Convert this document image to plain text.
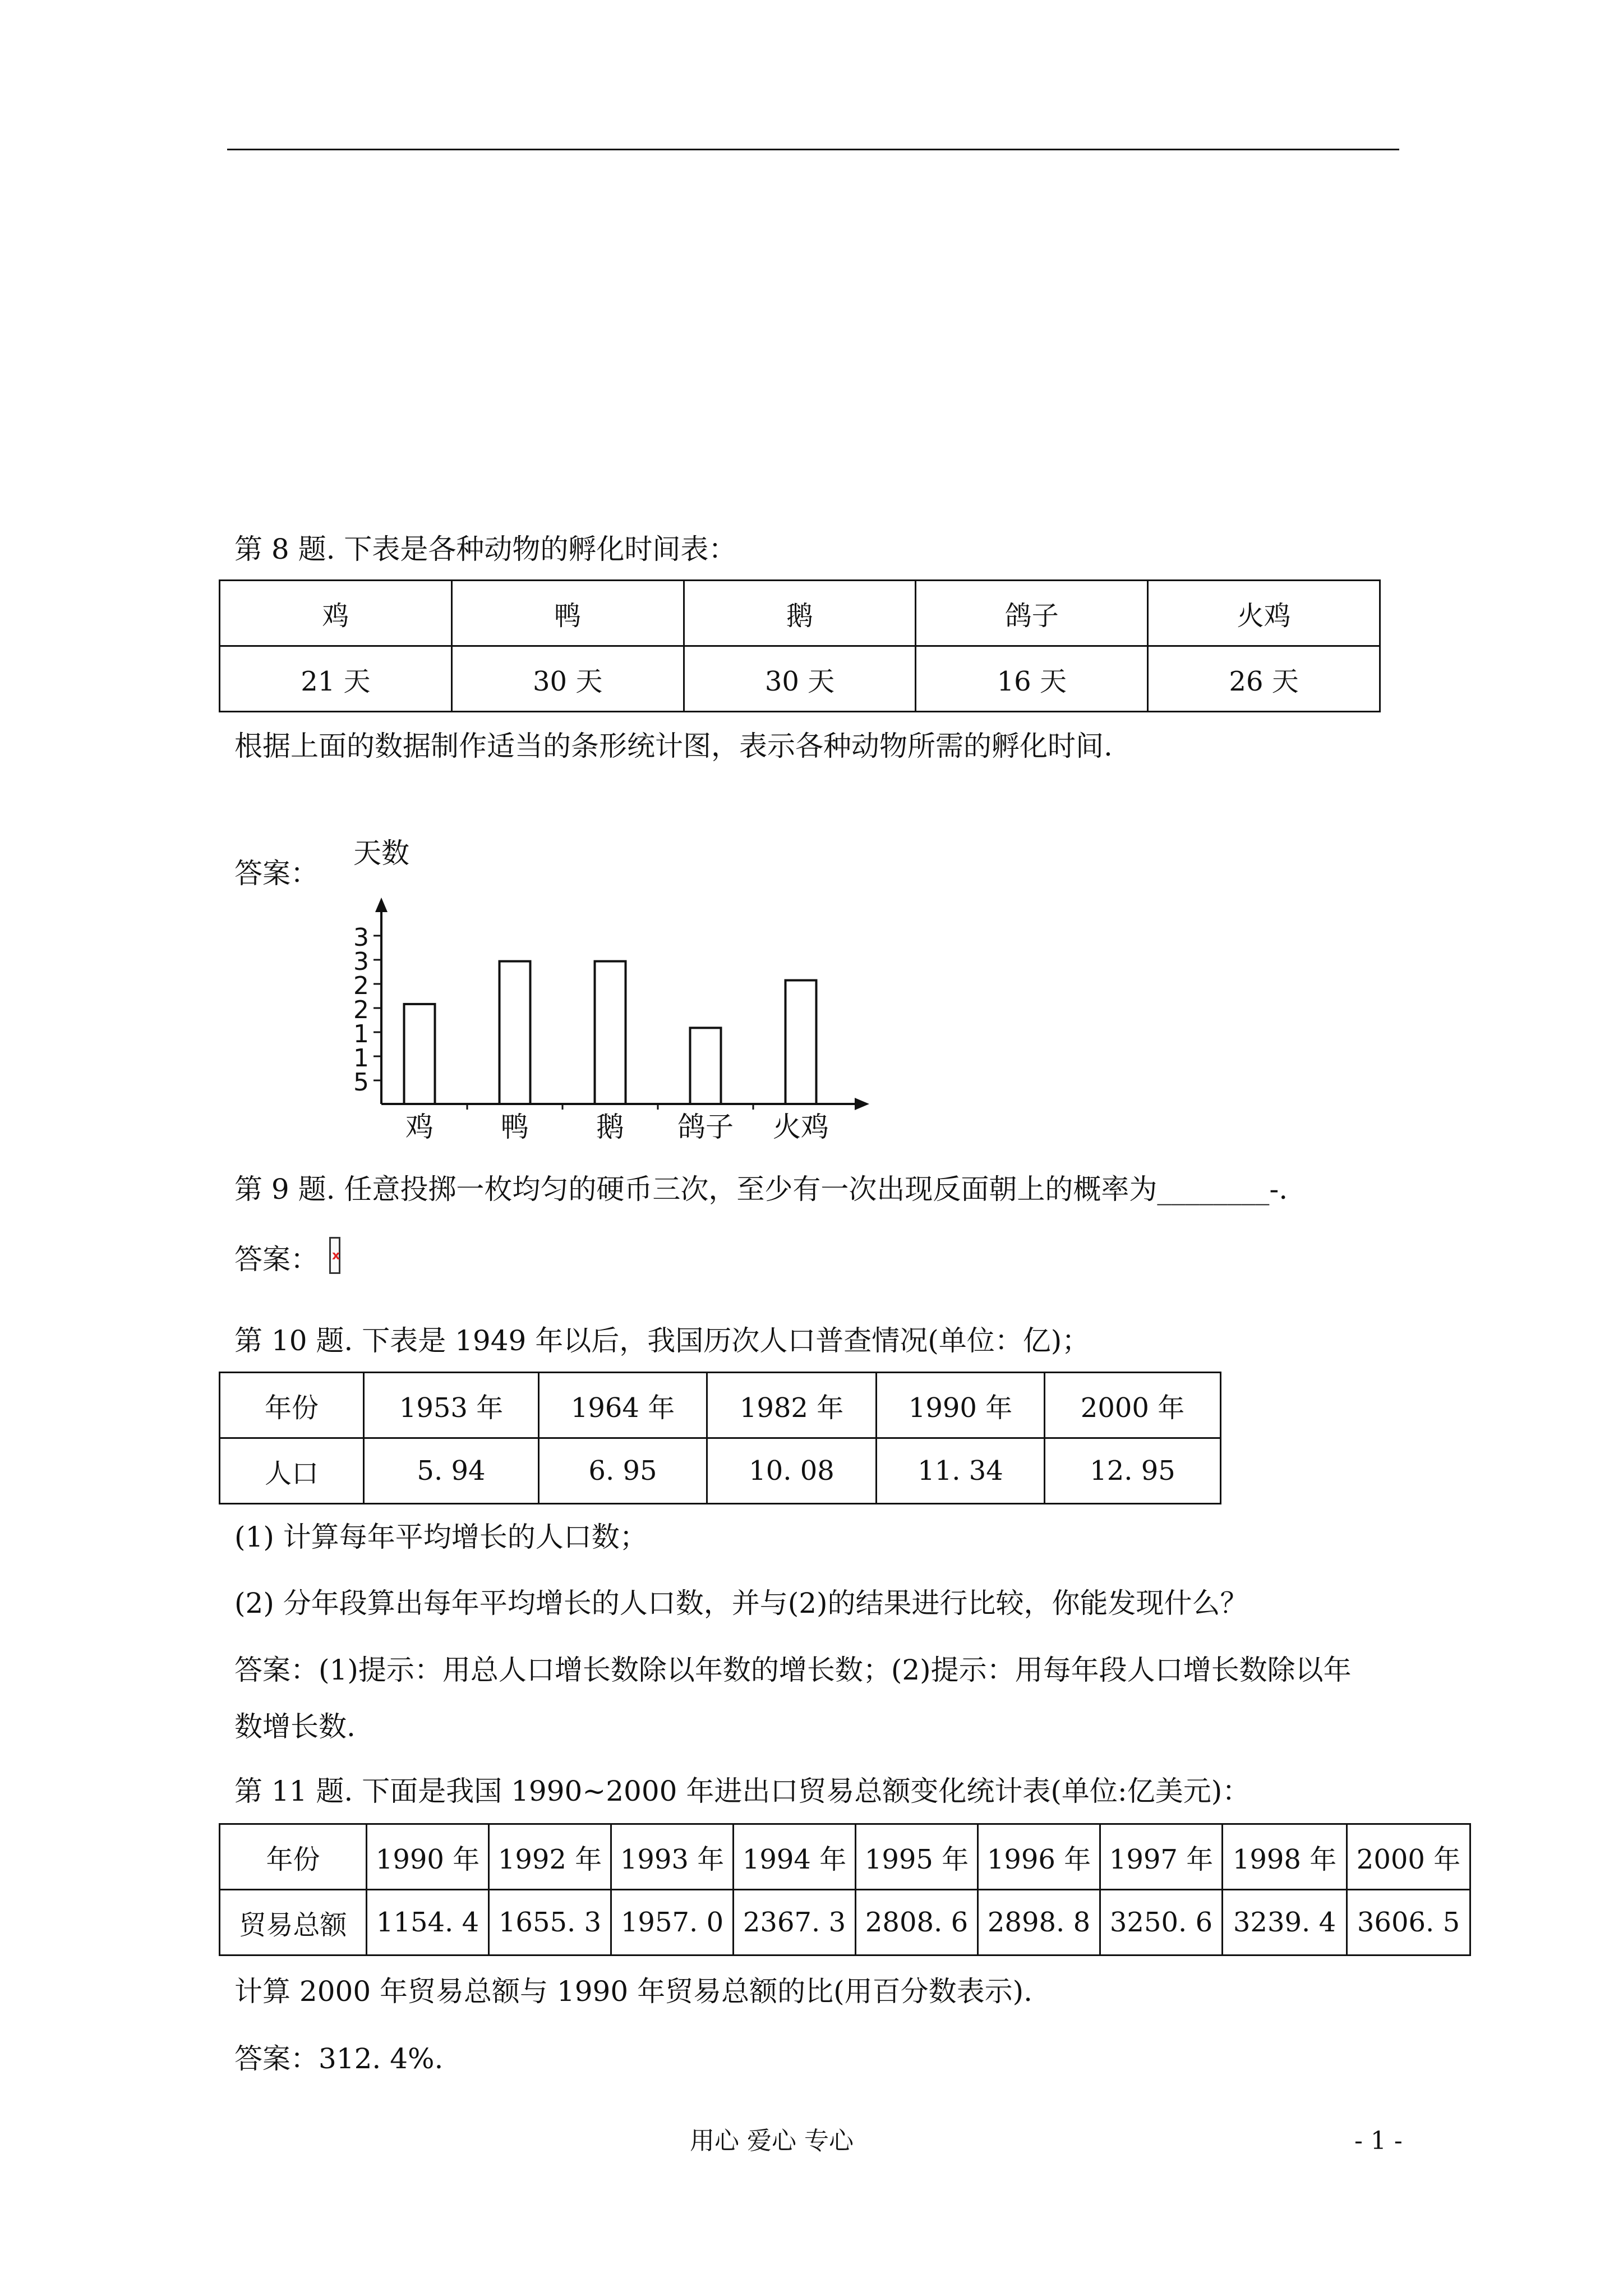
第 8 题. 下表是各种动物的孵化时间表：
鸡	鸭	鹅	鸽子	火鸡
21 天	30 天	30 天	16 天	26 天
根据上面的数据制作适当的条形统计图，表示各种动物所需的孵化时间.
答案：
天数
5
1
1
2
2
3
3
鸡 鸭 鹅 鸽子 火鸡
第 9 题. 任意投掷一枚均匀的硬币三次，至少有一次出现反面朝上的概率为________-.
答案： x
第 10 题. 下表是 1949 年以后，我国历次人口普查情况(单位：亿)；
年份	1953 年	1964 年	1982 年	1990 年	2000 年
人口	5. 94	6. 95	10. 08	11. 34	12. 95
(1) 计算每年平均增长的人口数；
(2) 分年段算出每年平均增长的人口数，并与(2)的结果进行比较，你能发现什么？
答案：(1)提示：用总人口增长数除以年数的增长数；(2)提示：用每年段人口增长数除以年
数增长数.
第 11 题. 下面是我国 1990~2000 年进出口贸易总额变化统计表(单位:亿美元)：
年份	1990 年	1992 年	1993 年	1994 年	1995 年	1996 年	1997 年	1998 年	2000 年
贸易总额	1154. 4	1655. 3	1957. 0	2367. 3	2808. 6	2898. 8	3250. 6	3239. 4	3606. 5
计算 2000 年贸易总额与 1990 年贸易总额的比(用百分数表示).
答案：312. 4%.
用心 爱心 专心	- 1 -
